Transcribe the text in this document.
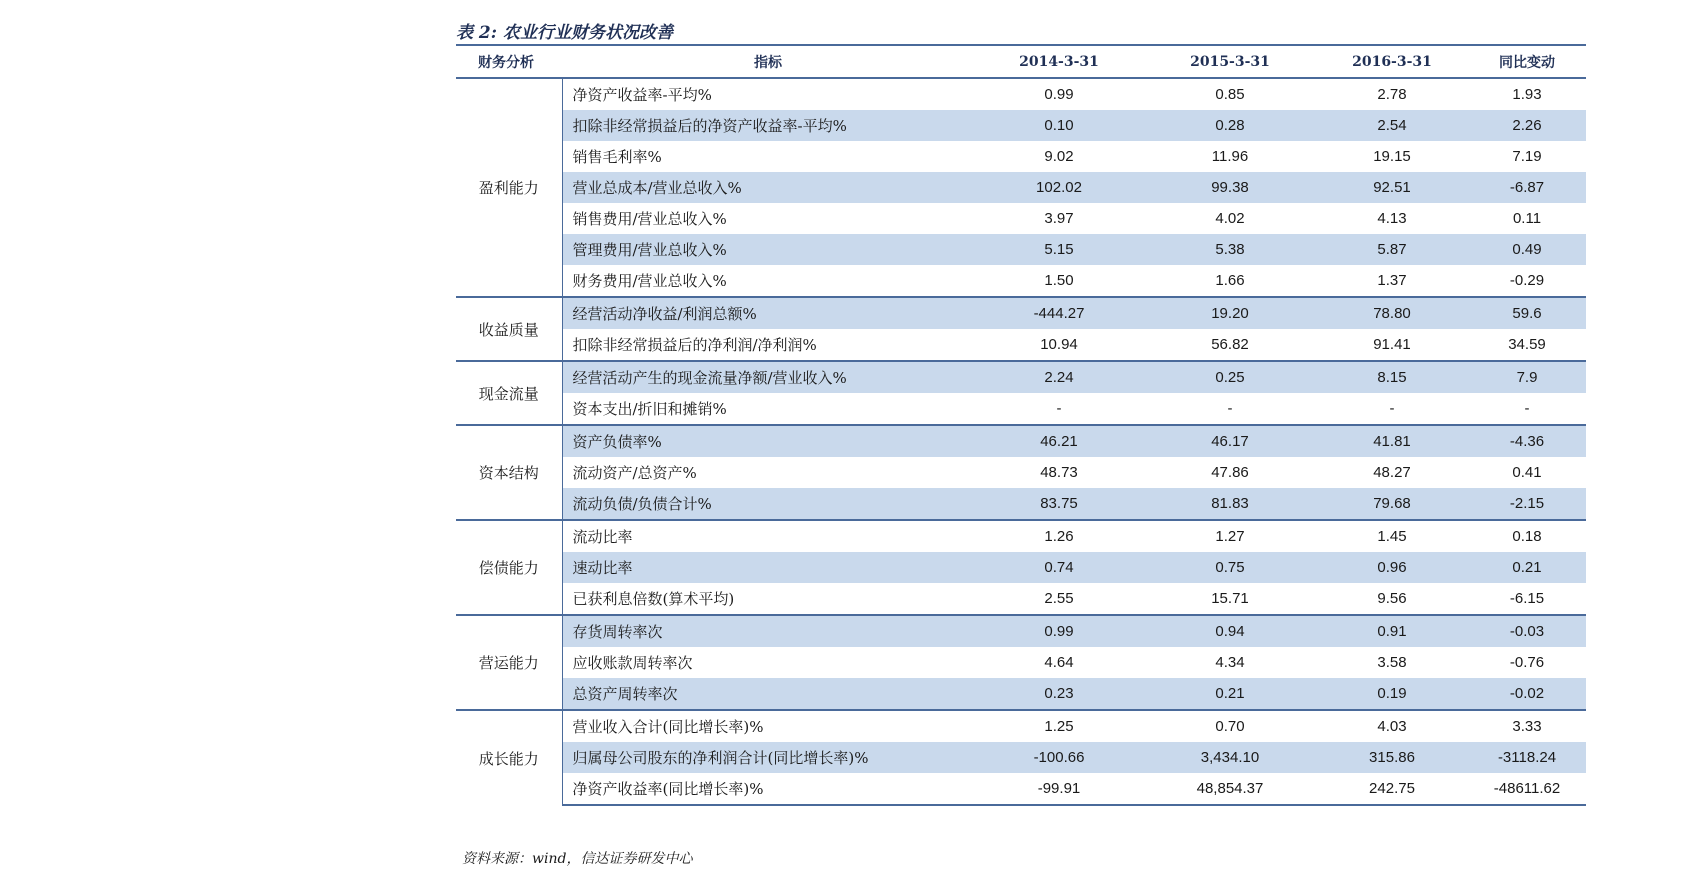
表 2: 农业行业财务状况改善
财务分析	指标	2014-3-31	2015-3-31	2016-3-31	同比变动
盈利能力	净资产收益率-平均%	0.99	0.85	2.78	1.93
	扣除非经常损益后的净资产收益率-平均%	0.10	0.28	2.54	2.26
	销售毛利率%	9.02	11.96	19.15	7.19
	营业总成本/营业总收入%	102.02	99.38	92.51	-6.87
	销售费用/营业总收入%	3.97	4.02	4.13	0.11
	管理费用/营业总收入%	5.15	5.38	5.87	0.49
	财务费用/营业总收入%	1.50	1.66	1.37	-0.29
收益质量	经营活动净收益/利润总额%	-444.27	19.20	78.80	59.6
	扣除非经常损益后的净利润/净利润%	10.94	56.82	91.41	34.59
现金流量	经营活动产生的现金流量净额/营业收入%	2.24	0.25	8.15	7.9
	资本支出/折旧和摊销%	-	-	-	-
资本结构	资产负债率%	46.21	46.17	41.81	-4.36
	流动资产/总资产%	48.73	47.86	48.27	0.41
	流动负债/负债合计%	83.75	81.83	79.68	-2.15
偿债能力	流动比率	1.26	1.27	1.45	0.18
	速动比率	0.74	0.75	0.96	0.21
	已获利息倍数(算术平均)	2.55	15.71	9.56	-6.15
营运能力	存货周转率次	0.99	0.94	0.91	-0.03
	应收账款周转率次	4.64	4.34	3.58	-0.76
	总资产周转率次	0.23	0.21	0.19	-0.02
成长能力	营业收入合计(同比增长率)%	1.25	0.70	4.03	3.33
	归属母公司股东的净利润合计(同比增长率)%	-100.66	3,434.10	315.86	-3118.24
	净资产收益率(同比增长率)%	-99.91	48,854.37	242.75	-48611.62
资料来源：wind，信达证券研发中心
